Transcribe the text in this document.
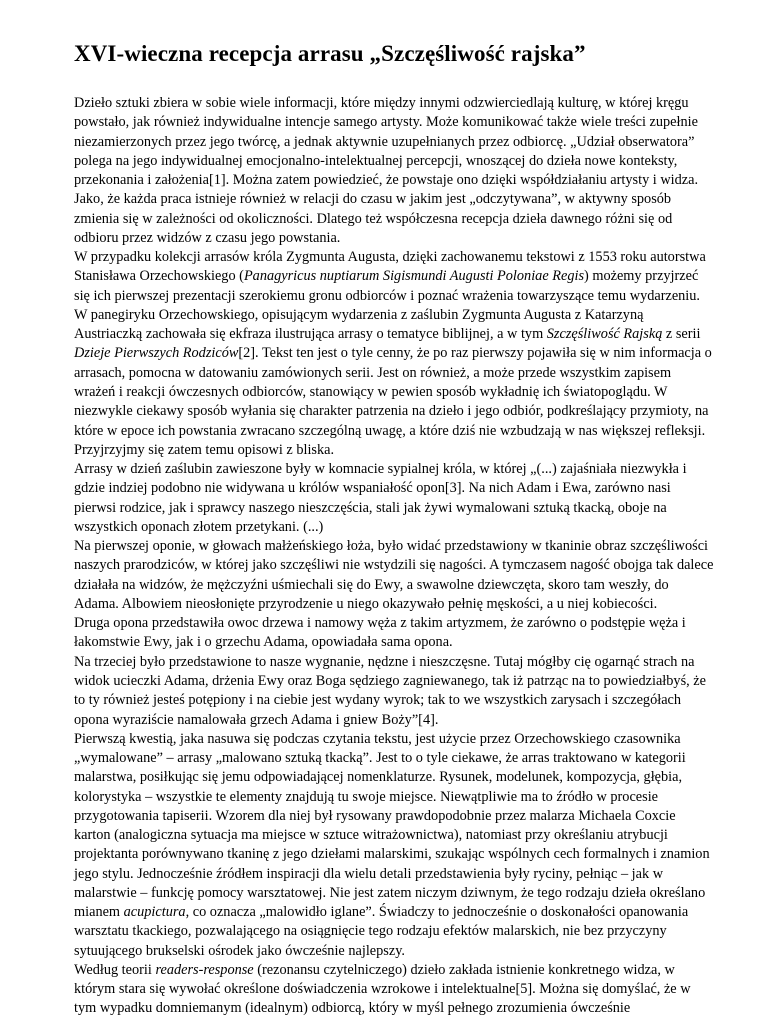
XVI-wieczna recepcja arrasu „Szczęśliwość rajska”

Dzieło sztuki zbiera w sobie wiele informacji, które między innymi odzwierciedlają kulturę, w której kręgu powstało, jak również indywidualne intencje samego artysty. Może komunikować także wiele treści zupełnie niezamierzonych przez jego twórcę, a jednak aktywnie uzupełnianych przez odbiorcę. „Udział obserwatora” polega na jego indywidualnej emocjonalno-intelektualnej percepcji, wnoszącej do dzieła nowe konteksty, przekonania i założenia[1]. Można zatem powiedzieć, że powstaje ono dzięki współdziałaniu artysty i widza. Jako, że każda praca istnieje również w relacji do czasu w jakim jest „odczytywana”, w aktywny sposób zmienia się w zależności od okoliczności. Dlatego też współczesna recepcja dzieła dawnego różni się od odbioru przez widzów z czasu jego powstania.

W przypadku kolekcji arrasów króla Zygmunta Augusta, dzięki zachowanemu tekstowi z 1553 roku autorstwa Stanisława Orzechowskiego (Panagyricus nuptiarum Sigismundi Augusti Poloniae Regis) możemy przyjrzeć się ich pierwszej prezentacji szerokiemu gronu odbiorców i poznać wrażenia towarzyszące temu wydarzeniu. W panegiryku Orzechowskiego, opisującym wydarzenia z zaślubin Zygmunta Augusta z Katarzyną Austriaczką zachowała się ekfraza ilustrująca arrasy o tematyce biblijnej, a w tym Szczęśliwość Rajską z serii Dzieje Pierwszych Rodziców[2]. Tekst ten jest o tyle cenny, że po raz pierwszy pojawiła się w nim informacja o arrasach, pomocna w datowaniu zamówionych serii. Jest on również, a może przede wszystkim zapisem wrażeń i reakcji ówczesnych odbiorców, stanowiący w pewien sposób wykładnię ich światopoglądu. W niezwykle ciekawy sposób wyłania się charakter patrzenia na dzieło i jego odbiór, podkreślający przymioty, na które w epoce ich powstania zwracano szczególną uwagę, a które dziś nie wzbudzają w nas większej refleksji. Przyjrzyjmy się zatem temu opisowi z bliska.

Arrasy w dzień zaślubin zawieszone były w komnacie sypialnej króla, w której „(...) zajaśniała niezwykła i gdzie indziej podobno nie widywana u królów wspaniałość opon[3]. Na nich Adam i Ewa, zarówno nasi pierwsi rodzice, jak i sprawcy naszego nieszczęścia, stali jak żywi wymalowani sztuką tkacką, oboje na wszystkich oponach złotem przetykani. (...)

Na pierwszej oponie, w głowach małżeńskiego łoża, było widać przedstawiony w tkaninie obraz szczęśliwości naszych prarodziców, w której jako szczęśliwi nie wstydzili się nagości. A tymczasem nagość obojga tak dalece działała na widzów, że mężczyźni uśmiechali się do Ewy, a swawolne dziewczęta, skoro tam weszły, do Adama. Albowiem nieosłonięte przyrodzenie u niego okazywało pełnię męskości, a u niej kobiecości.

Druga opona przedstawiła owoc drzewa i namowy węża z takim artyzmem, że zarówno o podstępie węża i łakomstwie Ewy, jak i o grzechu Adama, opowiadała sama opona.

Na trzeciej było przedstawione to nasze wygnanie, nędzne i nieszczęsne. Tutaj mógłby cię ogarnąć strach na widok ucieczki Adama, drżenia Ewy oraz Boga sędziego zagniewanego, tak iż patrząc na to powiedziałbyś, że to ty również jesteś potępiony i na ciebie jest wydany wyrok; tak to we wszystkich zarysach i szczegółach opona wyraziście namalowała grzech Adama i gniew Boży”[4].

Pierwszą kwestią, jaka nasuwa się podczas czytania tekstu, jest użycie przez Orzechowskiego czasownika „wymalowane” – arrasy „malowano sztuką tkacką”. Jest to o tyle ciekawe, że arras traktowano w kategorii malarstwa, posiłkując się jemu odpowiadającej nomenklaturze. Rysunek, modelunek, kompozycja, głębia, kolorystyka – wszystkie te elementy znajdują tu swoje miejsce. Niewątpliwie ma to źródło w procesie przygotowania tapiserii. Wzorem dla niej był rysowany prawdopodobnie przez malarza Michaela Coxcie karton (analogiczna sytuacja ma miejsce w sztuce witrażownictwa), natomiast przy określaniu atrybucji projektanta porównywano tkaninę z jego dziełami malarskimi, szukając wspólnych cech formalnych i znamion jego stylu. Jednocześnie źródłem inspiracji dla wielu detali przedstawienia były ryciny, pełniąc – jak w malarstwie – funkcję pomocy warsztatowej. Nie jest zatem niczym dziwnym, że tego rodzaju dzieła określano mianem acupictura, co oznacza „malowidło iglane”. Świadczy to jednocześnie o doskonałości opanowania warsztatu tkackiego, pozwalającego na osiągnięcie tego rodzaju efektów malarskich, nie bez przyczyny sytuującego brukselski ośrodek jako ówcześnie najlepszy.

Według teorii readers-response (rezonansu czytelniczego) dzieło zakłada istnienie konkretnego widza, w którym stara się wywołać określone doświadczenia wzrokowe i intelektualne[5]. Można się domyślać, że w tym wypadku domniemanym (idealnym) odbiorcą, który w myśl pełnego zrozumienia ówcześnie
